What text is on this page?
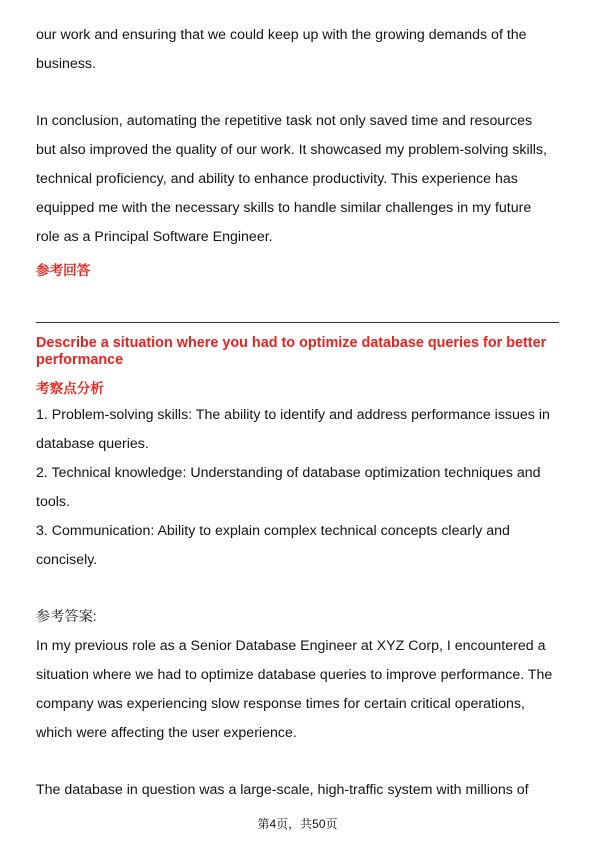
our work and ensuring that we could keep up with the growing demands of the
business.
In conclusion, automating the repetitive task not only saved time and resources
but also improved the quality of our work. It showcased my problem-solving skills,
technical proficiency, and ability to enhance productivity. This experience has
equipped me with the necessary skills to handle similar challenges in my future
role as a Principal Software Engineer.
参考回答
Describe a situation where you had to optimize database queries for better
performance
考察点分析
1. Problem-solving skills: The ability to identify and address performance issues in
database queries.
2. Technical knowledge: Understanding of database optimization techniques and
tools.
3. Communication: Ability to explain complex technical concepts clearly and
concisely.
参考答案:
In my previous role as a Senior Database Engineer at XYZ Corp, I encountered a
situation where we had to optimize database queries to improve performance. The
company was experiencing slow response times for certain critical operations,
which were affecting the user experience.
The database in question was a large-scale, high-traffic system with millions of
第4页，共50页
